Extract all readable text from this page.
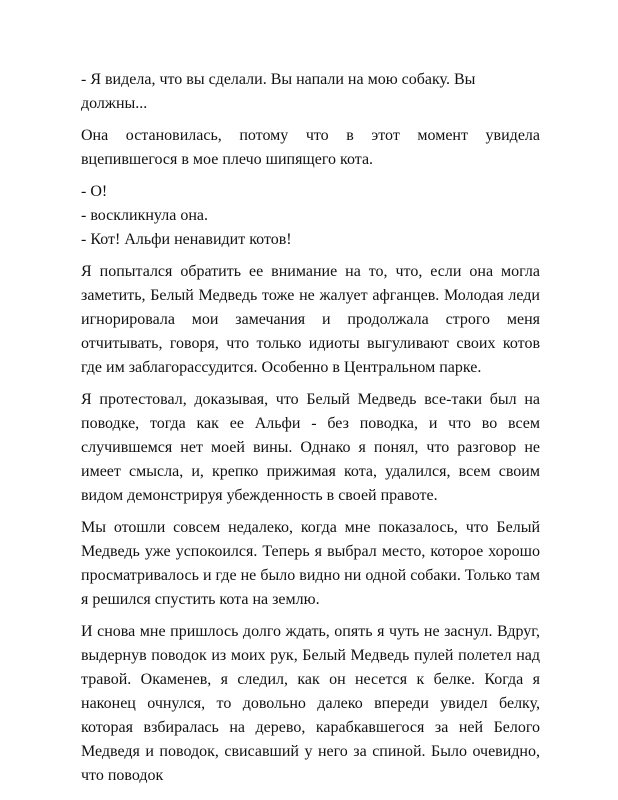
- Я видела, что вы сделали. Вы напали на мою собаку. Вы должны...

Она остановилась, потому что в этот момент увидела вцепившегося в мое плечо шипящего кота.

- О!

- воскликнула она.

- Кот! Альфи ненавидит котов!

Я попытался обратить ее внимание на то, что, если она могла заметить, Белый Медведь тоже не жалует афганцев. Молодая леди игнорировала мои замечания и продолжала строго меня отчитывать, говоря, что только идиоты выгуливают своих котов где им заблагорассудится. Особенно в Центральном парке.

Я протестовал, доказывая, что Белый Медведь все-таки был на поводке, тогда как ее Альфи - без поводка, и что во всем случившемся нет моей вины. Однако я понял, что разговор не имеет смысла, и, крепко прижимая кота, удалился, всем своим видом демонстрируя убежденность в своей правоте.

Мы отошли совсем недалеко, когда мне показалось, что Белый Медведь уже успокоился. Теперь я выбрал место, которое хорошо просматривалось и где не было видно ни одной собаки. Только там я решился спустить кота на землю.

И снова мне пришлось долго ждать, опять я чуть не заснул. Вдруг, выдернув поводок из моих рук, Белый Медведь пулей полетел над травой. Окаменев, я следил, как он несется к белке. Когда я наконец очнулся, то довольно далеко впереди увидел белку, которая взбиралась на дерево, карабкавшегося за ней Белого Медведя и поводок, свисавший у него за спиной. Было очевидно, что поводок
